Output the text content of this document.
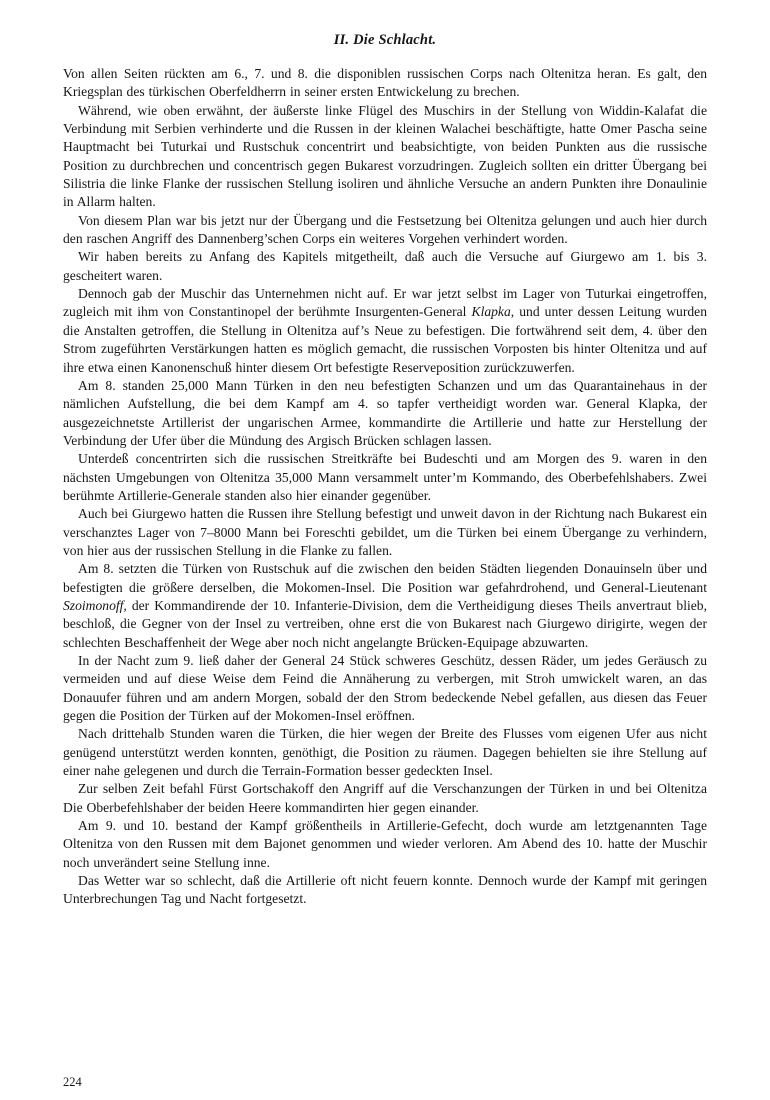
II. Die Schlacht.

Von allen Seiten rückten am 6., 7. und 8. die disponiblen russischen Corps nach Oltenitza heran. Es galt, den Kriegsplan des türkischen Oberfeldherrn in seiner ersten Entwickelung zu brechen.

Während, wie oben erwähnt, der äußerste linke Flügel des Muschirs in der Stellung von Widdin-Kalafat die Verbindung mit Serbien verhinderte und die Russen in der kleinen Walachei beschäftigte, hatte Omer Pascha seine Hauptmacht bei Tuturkai und Rustschuk concentrirt und beabsichtigte, von beiden Punkten aus die russische Position zu durchbrechen und concentrisch gegen Bukarest vorzudringen. Zugleich sollten ein dritter Übergang bei Silistria die linke Flanke der russischen Stellung isoliren und ähnliche Versuche an andern Punkten ihre Donaulinie in Allarm halten.

Von diesem Plan war bis jetzt nur der Übergang und die Festsetzung bei Oltenitza gelungen und auch hier durch den raschen Angriff des Dannenberg’schen Corps ein weiteres Vorgehen verhindert worden.

Wir haben bereits zu Anfang des Kapitels mitgetheilt, daß auch die Versuche auf Giurgewo am 1. bis 3. gescheitert waren.

Dennoch gab der Muschir das Unternehmen nicht auf. Er war jetzt selbst im Lager von Tuturkai eingetroffen, zugleich mit ihm von Constantinopel der berühmte Insurgenten-General Klapka, und unter dessen Leitung wurden die Anstalten getroffen, die Stellung in Oltenitza auf’s Neue zu befestigen. Die fortwährend seit dem, 4. über den Strom zugeführten Verstärkungen hatten es möglich gemacht, die russischen Vorposten bis hinter Oltenitza und auf ihre etwa einen Kanonenschuß hinter diesem Ort befestigte Reserveposition zurückzuwerfen.

Am 8. standen 25,000 Mann Türken in den neu befestigten Schanzen und um das Quarantainehaus in der nämlichen Aufstellung, die bei dem Kampf am 4. so tapfer vertheidigt worden war. General Klapka, der ausgezeichnetste Artillerist der ungarischen Armee, kommandirte die Artillerie und hatte zur Herstellung der Verbindung der Ufer über die Mündung des Argisch Brücken schlagen lassen.

Unterdeß concentrirten sich die russischen Streitkräfte bei Budeschti und am Morgen des 9. waren in den nächsten Umgebungen von Oltenitza 35,000 Mann versammelt unter’m Kommando, des Oberbefehlshabers. Zwei berühmte Artillerie-Generale standen also hier einander gegenüber.

Auch bei Giurgewo hatten die Russen ihre Stellung befestigt und unweit davon in der Richtung nach Bukarest ein verschanztes Lager von 7–8000 Mann bei Foreschti gebildet, um die Türken bei einem Übergange zu verhindern, von hier aus der russischen Stellung in die Flanke zu fallen.

Am 8. setzten die Türken von Rustschuk auf die zwischen den beiden Städten liegenden Donauinseln über und befestigten die größere derselben, die Mokomen-Insel. Die Position war gefahrdrohend, und General-Lieutenant Szoimonoff, der Kommandirende der 10. Infanterie-Division, dem die Vertheidigung dieses Theils anvertraut blieb, beschloß, die Gegner von der Insel zu vertreiben, ohne erst die von Bukarest nach Giurgewo dirigirte, wegen der schlechten Beschaffenheit der Wege aber noch nicht angelangte Brücken-Equipage abzuwarten.

In der Nacht zum 9. ließ daher der General 24 Stück schweres Geschütz, dessen Räder, um jedes Geräusch zu vermeiden und auf diese Weise dem Feind die Annäherung zu verbergen, mit Stroh umwickelt waren, an das Donauufer führen und am andern Morgen, sobald der den Strom bedeckende Nebel gefallen, aus diesen das Feuer gegen die Position der Türken auf der Mokomen-Insel eröffnen.

Nach drittehalb Stunden waren die Türken, die hier wegen der Breite des Flusses vom eigenen Ufer aus nicht genügend unterstützt werden konnten, genöthigt, die Position zu räumen. Dagegen behielten sie ihre Stellung auf einer nahe gelegenen und durch die Terrain-Formation besser gedeckten Insel.

Zur selben Zeit befahl Fürst Gortschakoff den Angriff auf die Verschanzungen der Türken in und bei Oltenitza Die Oberbefehlshaber der beiden Heere kommandirten hier gegen einander.

Am 9. und 10. bestand der Kampf größentheils in Artillerie-Gefecht, doch wurde am letztgenannten Tage Oltenitza von den Russen mit dem Bajonet genommen und wieder verloren. Am Abend des 10. hatte der Muschir noch unverändert seine Stellung inne.

Das Wetter war so schlecht, daß die Artillerie oft nicht feuern konnte. Dennoch wurde der Kampf mit geringen Unterbrechungen Tag und Nacht fortgesetzt.

224
